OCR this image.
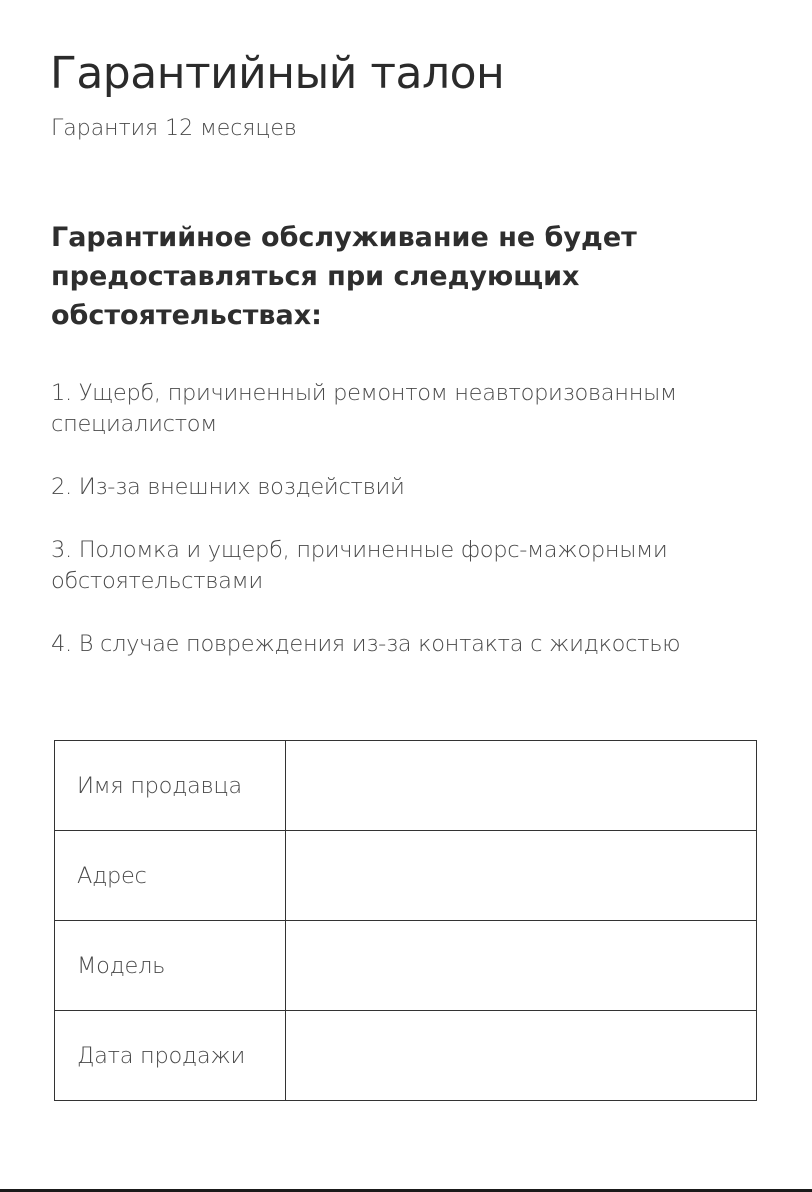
Гарантийный талон
Гарантия 12 месяцев
Гарантийное обслуживание не будет предоставляться при следующих обстоятельствах:
1. Ущерб, причиненный ремонтом неавторизованным специалистом
2. Из-за внешних воздействий
3. Поломка и ущерб, причиненные форс-мажорными обстоятельствами
4. В случае повреждения из-за контакта с жидкостью
Имя продавца	
Адрес	
Модель	
Дата продажи	
